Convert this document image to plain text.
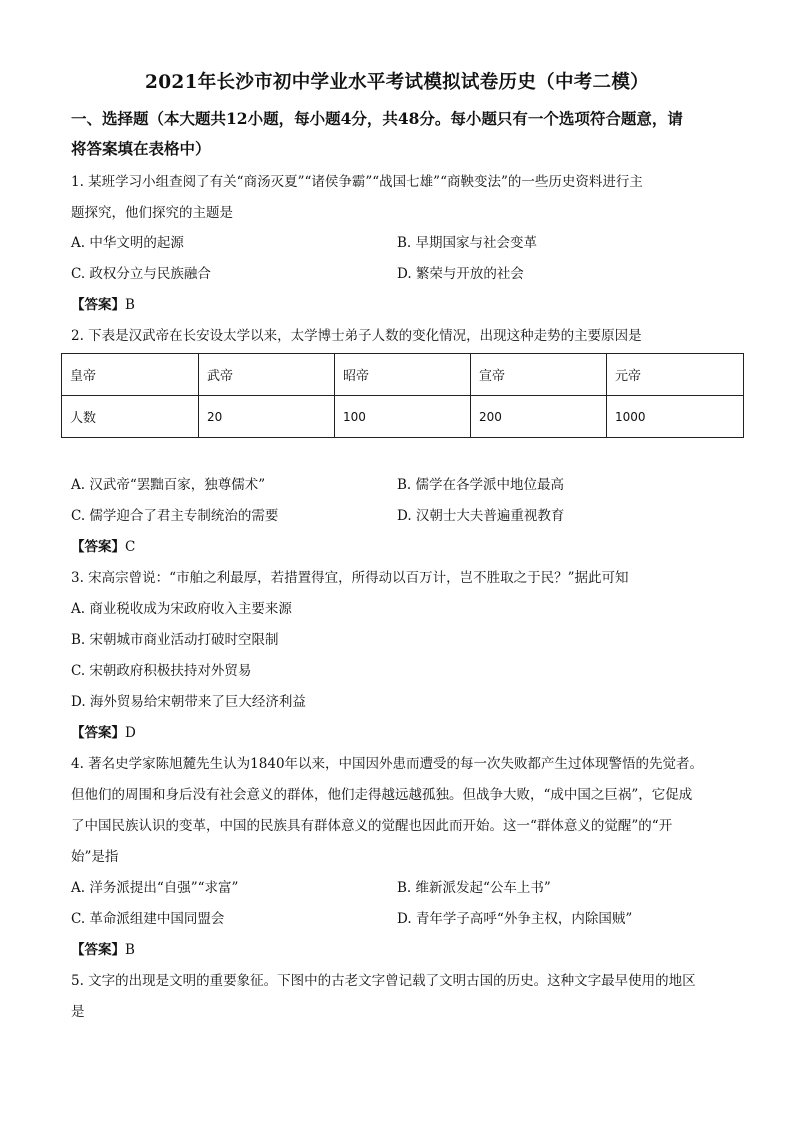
2021年长沙市初中学业水平考试模拟试卷历史（中考二模）
一、选择题（本大题共12小题，每小题4分，共48分。每小题只有一个选项符合题意，请
将答案填在表格中）
1. 某班学习小组查阅了有关“商汤灭夏”“诸侯争霸”“战国七雄”“商鞅变法”的一些历史资料进行主
题探究，他们探究的主题是
A. 中华文明的起源	B. 早期国家与社会变革
C. 政权分立与民族融合	D. 繁荣与开放的社会
【答案】B
2. 下表是汉武帝在长安设太学以来，太学博士弟子人数的变化情况，出现这种走势的主要原因是
皇帝	武帝	昭帝	宣帝	元帝
人数	20	100	200	1000
A. 汉武帝“罢黜百家，独尊儒术”	B. 儒学在各学派中地位最高
C. 儒学迎合了君主专制统治的需要	D. 汉朝士大夫普遍重视教育
【答案】C
3. 宋高宗曾说：“市舶之利最厚，若措置得宜，所得动以百万计，岂不胜取之于民？”据此可知
A. 商业税收成为宋政府收入主要来源
B. 宋朝城市商业活动打破时空限制
C. 宋朝政府积极扶持对外贸易
D. 海外贸易给宋朝带来了巨大经济利益
【答案】D
4. 著名史学家陈旭麓先生认为1840年以来，中国因外患而遭受的每一次失败都产生过体现警悟的先觉者。
但他们的周围和身后没有社会意义的群体，他们走得越远越孤独。但战争大败，“成中国之巨祸”，它促成
了中国民族认识的变革，中国的民族具有群体意义的觉醒也因此而开始。这一“群体意义的觉醒”的“开
始”是指
A. 洋务派提出“自强”“求富”	B. 维新派发起“公车上书”
C. 革命派组建中国同盟会	D. 青年学子高呼“外争主权，内除国贼”
【答案】B
5. 文字的出现是文明的重要象征。下图中的古老文字曾记载了文明古国的历史。这种文字最早使用的地区
是
